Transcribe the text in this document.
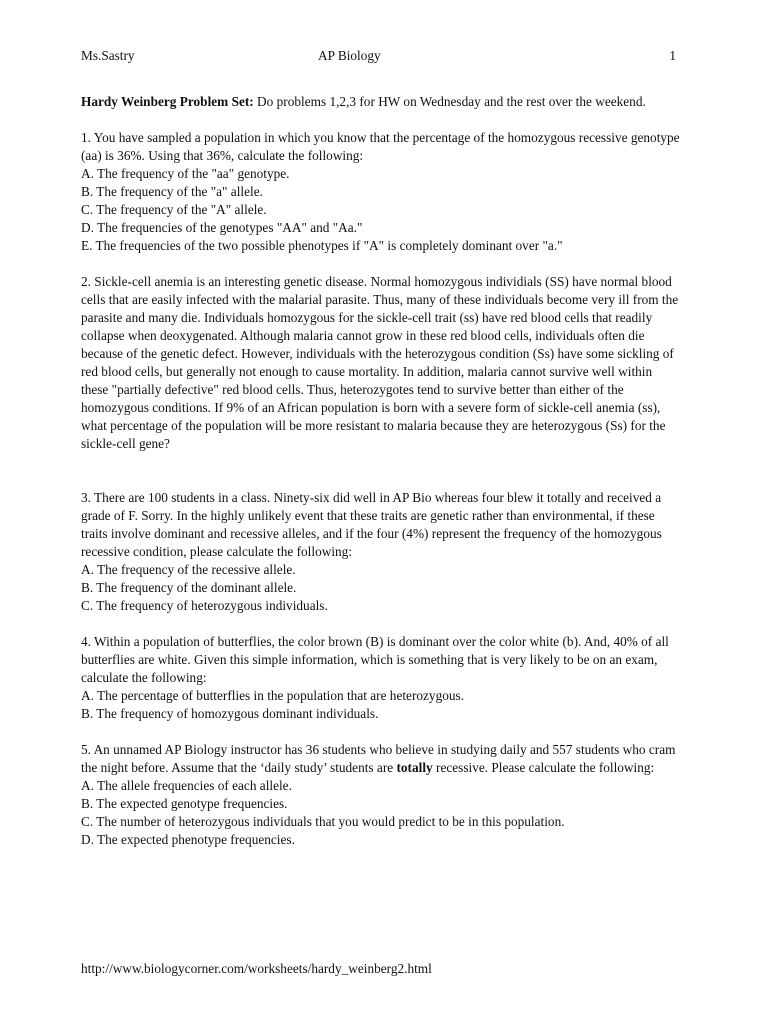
Ms.Sastry	AP Biology	1

Hardy Weinberg Problem Set: Do problems 1,2,3 for HW on Wednesday and the rest over the weekend.

1. You have sampled a population in which you know that the percentage of the homozygous recessive genotype (aa) is 36%. Using that 36%, calculate the following:

A. The frequency of the "aa" genotype.

B. The frequency of the "a" allele.

C. The frequency of the "A" allele.

D. The frequencies of the genotypes "AA" and "Aa."

E. The frequencies of the two possible phenotypes if "A" is completely dominant over "a."

2. Sickle-cell anemia is an interesting genetic disease. Normal homozygous individials (SS) have normal blood cells that are easily infected with the malarial parasite. Thus, many of these individuals become very ill from the parasite and many die. Individuals homozygous for the sickle-cell trait (ss) have red blood cells that readily collapse when deoxygenated. Although malaria cannot grow in these red blood cells, individuals often die because of the genetic defect. However, individuals with the heterozygous condition (Ss) have some sickling of red blood cells, but generally not enough to cause mortality. In addition, malaria cannot survive well within these "partially defective" red blood cells. Thus, heterozygotes tend to survive better than either of the homozygous conditions. If 9% of an African population is born with a severe form of sickle-cell anemia (ss), what percentage of the population will be more resistant to malaria because they are heterozygous (Ss) for the sickle-cell gene?

3. There are 100 students in a class. Ninety-six did well in AP Bio whereas four blew it totally and received a grade of F. Sorry. In the highly unlikely event that these traits are genetic rather than environmental, if these traits involve dominant and recessive alleles, and if the four (4%) represent the frequency of the homozygous recessive condition, please calculate the following:

A. The frequency of the recessive allele.

B. The frequency of the dominant allele.

C. The frequency of heterozygous individuals.

4. Within a population of butterflies, the color brown (B) is dominant over the color white (b). And, 40% of all butterflies are white. Given this simple information, which is something that is very likely to be on an exam, calculate the following:

A. The percentage of butterflies in the population that are heterozygous.

B. The frequency of homozygous dominant individuals.

5. An unnamed AP Biology instructor has 36 students who believe in studying daily and 557 students who cram the night before. Assume that the ‘daily study’ students are totally recessive. Please calculate the following:

A. The allele frequencies of each allele.

B. The expected genotype frequencies.

C. The number of heterozygous individuals that you would predict to be in this population.

D. The expected phenotype frequencies.

http://www.biologycorner.com/worksheets/hardy_weinberg2.html
